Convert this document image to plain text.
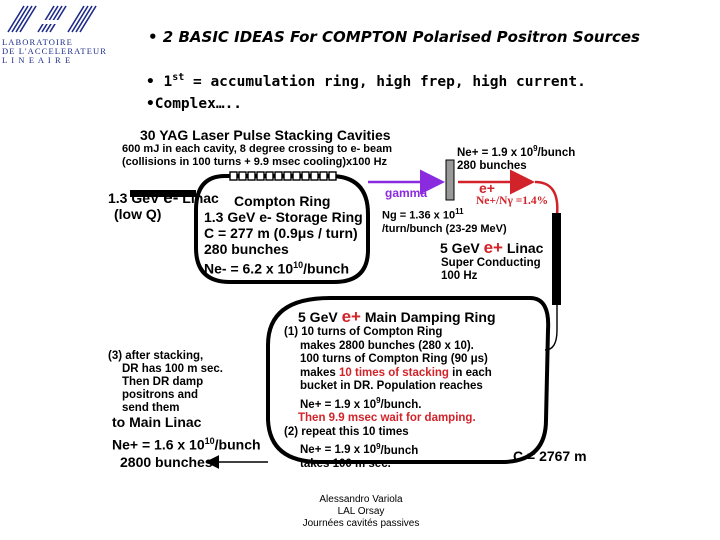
LABORATOIRE
DE L'ACCELERATEUR
L I N E A I R E
• 2 BASIC IDEAS For COMPTON Polarised Positron Sources
• 1st = accumulation ring, high frep, high current.
•Complex…..
30 YAG Laser Pulse Stacking Cavities
600 mJ in each cavity, 8 degree crossing to e- beam
(collisions in 100 turns + 9.9 msec cooling)x100 Hz
Ne+ = 1.9 x $10^9$/bunch
280 bunches
1.3 GeV e- Linac
(low Q)
gamma	e+
Ne+/Nγ =1.4%
Compton Ring
1.3 GeV e- Storage Ring
C = 277 m (0.9μs / turn)
280 bunches
Ne- = 6.2 x $10^{10}$/bunch
Ng = 1.36 x $10^{11}$
/turn/bunch (23-29 MeV)
5 GeV e+ Linac
Super Conducting
100 Hz
5 GeV e+ Main Damping Ring
(1) 10 turns of Compton Ring
makes 2800 bunches (280 x 10).
100 turns of Compton Ring (90 μs)
makes 10 times of stacking in each
bucket in DR. Population reaches
Ne+ = 1.9 x $10^9$/bunch.
Then 9.9 msec wait for damping.
(2) repeat this 10 times
Ne+ = 1.9 x $10^9$/bunch
takes 100 m sec.
(3) after stacking,
DR has 100 m sec.
Then DR damp
positrons and
send them
to Main Linac
Ne+ = 1.6 x $10^{10}$/bunch
2800 bunches	C = 2767 m
Alessandro Variola
LAL Orsay
Journées cavités passives
